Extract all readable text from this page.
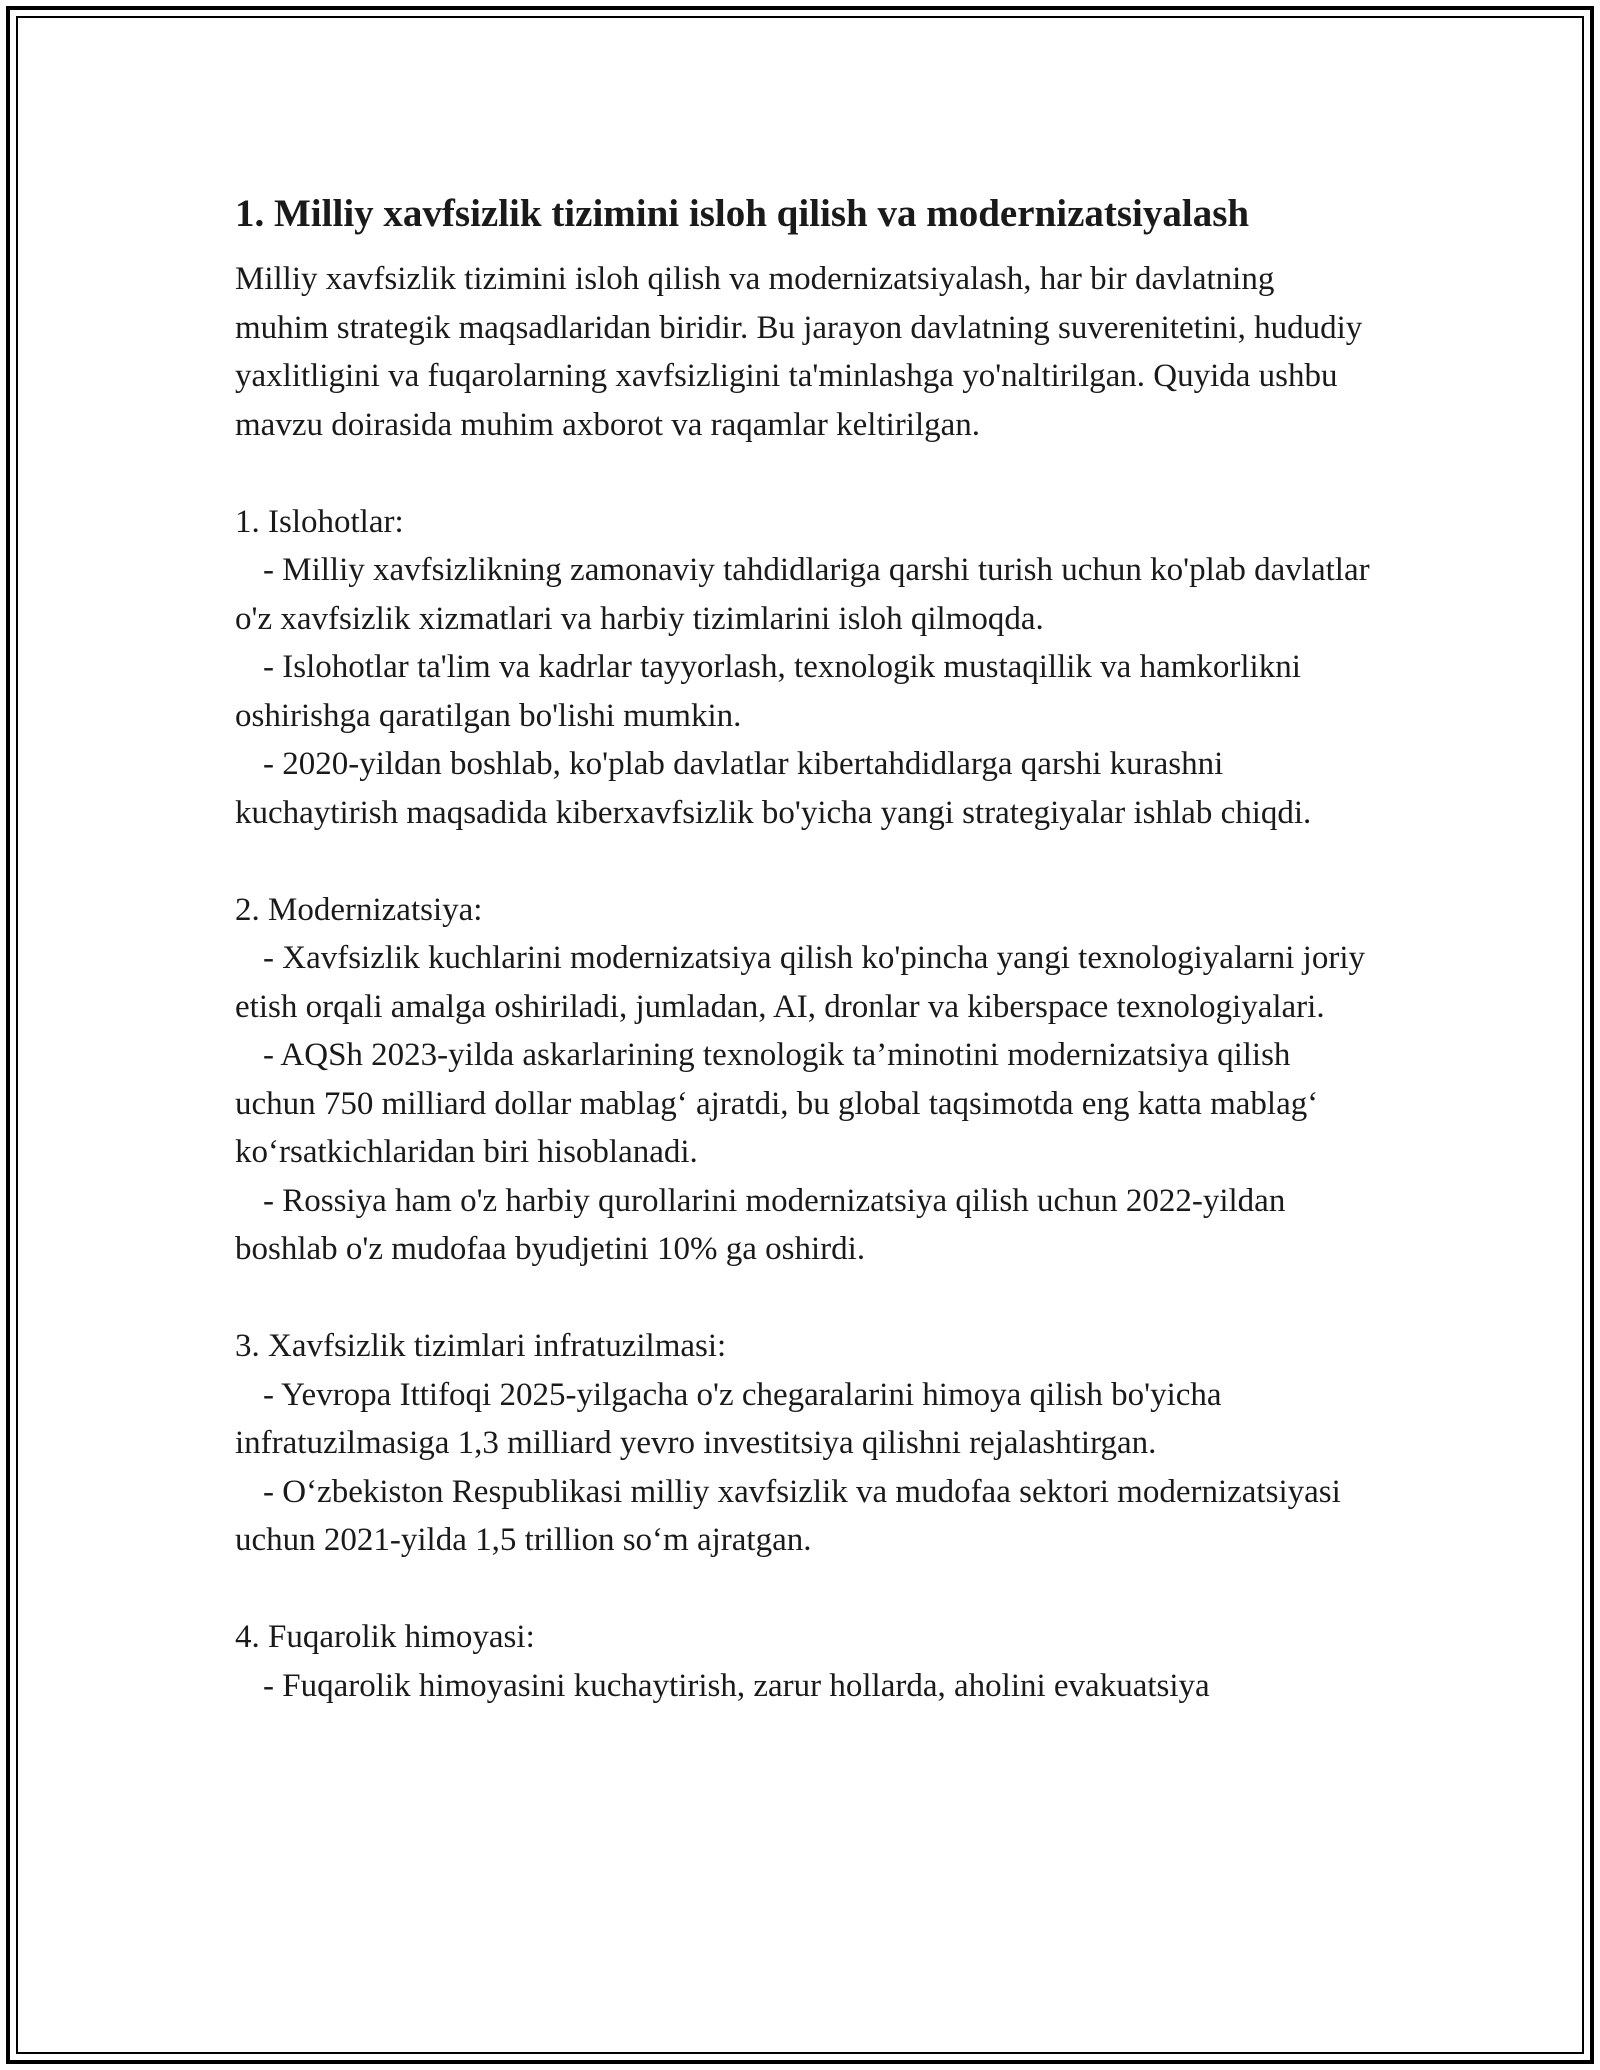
1. Milliy xavfsizlik tizimini isloh qilish va modernizatsiyalash

Milliy xavfsizlik tizimini isloh qilish va modernizatsiyalash, har bir davlatning muhim strategik maqsadlaridan biridir. Bu jarayon davlatning suverenitetini, hududiy yaxlitligini va fuqarolarning xavfsizligini ta'minlashga yo'naltirilgan. Quyida ushbu mavzu doirasida muhim axborot va raqamlar keltirilgan.

1. Islohotlar:

- Milliy xavfsizlikning zamonaviy tahdidlariga qarshi turish uchun ko'plab davlatlar o'z xavfsizlik xizmatlari va harbiy tizimlarini isloh qilmoqda.

- Islohotlar ta'lim va kadrlar tayyorlash, texnologik mustaqillik va hamkorlikni oshirishga qaratilgan bo'lishi mumkin.

- 2020-yildan boshlab, ko'plab davlatlar kibertahdidlarga qarshi kurashni kuchaytirish maqsadida kiberxavfsizlik bo'yicha yangi strategiyalar ishlab chiqdi.

2. Modernizatsiya:

- Xavfsizlik kuchlarini modernizatsiya qilish ko'pincha yangi texnologiyalarni joriy etish orqali amalga oshiriladi, jumladan, AI, dronlar va kiberspace texnologiyalari.

- AQSh 2023-yilda askarlarining texnologik ta’minotini modernizatsiya qilish uchun 750 milliard dollar mablag‘ ajratdi, bu global taqsimotda eng katta mablag‘ ko‘rsatkichlaridan biri hisoblanadi.

- Rossiya ham o'z harbiy qurollarini modernizatsiya qilish uchun 2022-yildan boshlab o'z mudofaa byudjetini 10% ga oshirdi.

3. Xavfsizlik tizimlari infratuzilmasi:

- Yevropa Ittifoqi 2025-yilgacha o'z chegaralarini himoya qilish bo'yicha infratuzilmasiga 1,3 milliard yevro investitsiya qilishni rejalashtirgan.

- O‘zbekiston Respublikasi milliy xavfsizlik va mudofaa sektori modernizatsiyasi uchun 2021-yilda 1,5 trillion so‘m ajratgan.

4. Fuqarolik himoyasi:

- Fuqarolik himoyasini kuchaytirish, zarur hollarda, aholini evakuatsiya
